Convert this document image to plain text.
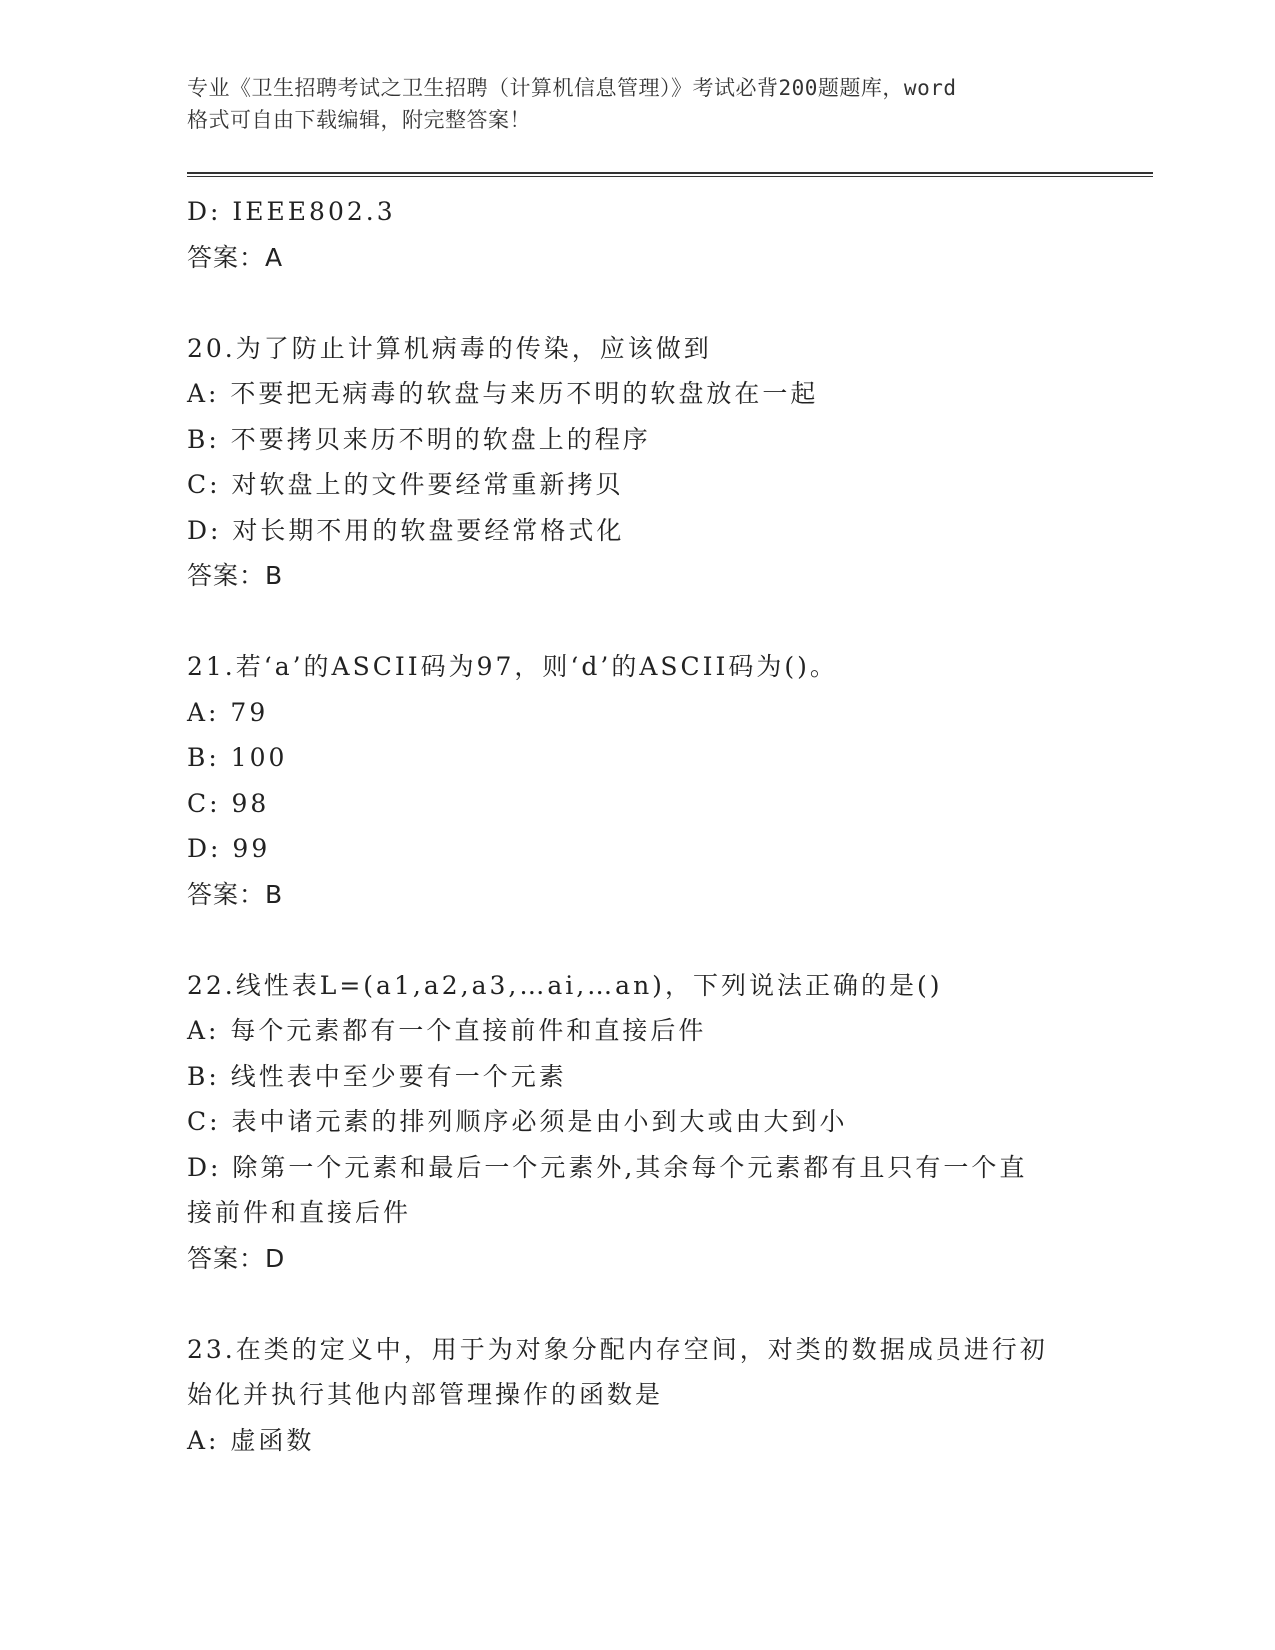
专业《卫生招聘考试之卫生招聘（计算机信息管理）》考试必背200题题库，word
格式可自由下载编辑，附完整答案！
D: IEEE802.3
答案：A
20.为了防止计算机病毒的传染，应该做到
A: 不要把无病毒的软盘与来历不明的软盘放在一起
B: 不要拷贝来历不明的软盘上的程序
C: 对软盘上的文件要经常重新拷贝
D: 对长期不用的软盘要经常格式化
答案：B
21.若‘a’的ASCII码为97，则‘d’的ASCII码为()。
A: 79
B: 100
C: 98
D: 99
答案：B
22.线性表L=(a1,a2,a3,…ai,…an)，下列说法正确的是()
A: 每个元素都有一个直接前件和直接后件
B: 线性表中至少要有一个元素
C: 表中诸元素的排列顺序必须是由小到大或由大到小
D: 除第一个元素和最后一个元素外,其余每个元素都有且只有一个直
接前件和直接后件
答案：D
23.在类的定义中，用于为对象分配内存空间，对类的数据成员进行初
始化并执行其他内部管理操作的函数是
A: 虚函数
